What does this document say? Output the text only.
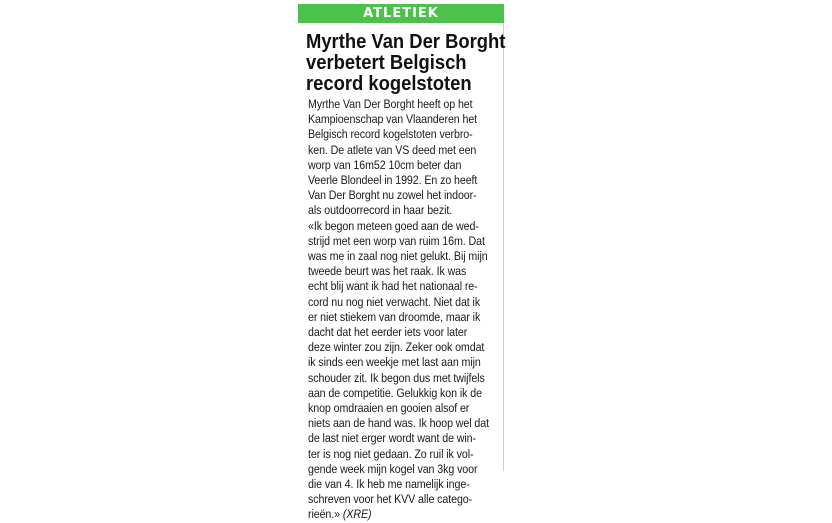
ATLETIEK
Myrthe Van Der Borght
verbetert Belgisch
record kogelstoten
Myrthe Van Der Borght heeft op het
Kampioenschap van Vlaanderen het
Belgisch record kogelstoten verbro-
ken. De atlete van VS deed met een
worp van 16m52 10cm beter dan
Veerle Blondeel in 1992. En zo heeft
Van Der Borght nu zowel het indoor-
als outdoorrecord in haar bezit.
«Ik begon meteen goed aan de wed-
strijd met een worp van ruim 16m. Dat
was me in zaal nog niet gelukt. Bij mijn
tweede beurt was het raak. Ik was
echt blij want ik had het nationaal re-
cord nu nog niet verwacht. Niet dat ik
er niet stiekem van droomde, maar ik
dacht dat het eerder iets voor later
deze winter zou zijn. Zeker ook omdat
ik sinds een weekje met last aan mijn
schouder zit. Ik begon dus met twijfels
aan de competitie. Gelukkig kon ik de
knop omdraaien en gooien alsof er
niets aan de hand was. Ik hoop wel dat
de last niet erger wordt want de win-
ter is nog niet gedaan. Zo ruil ik vol-
gende week mijn kogel van 3kg voor
die van 4. Ik heb me namelijk inge-
schreven voor het KVV alle catego-
rieën.» (XRE)
